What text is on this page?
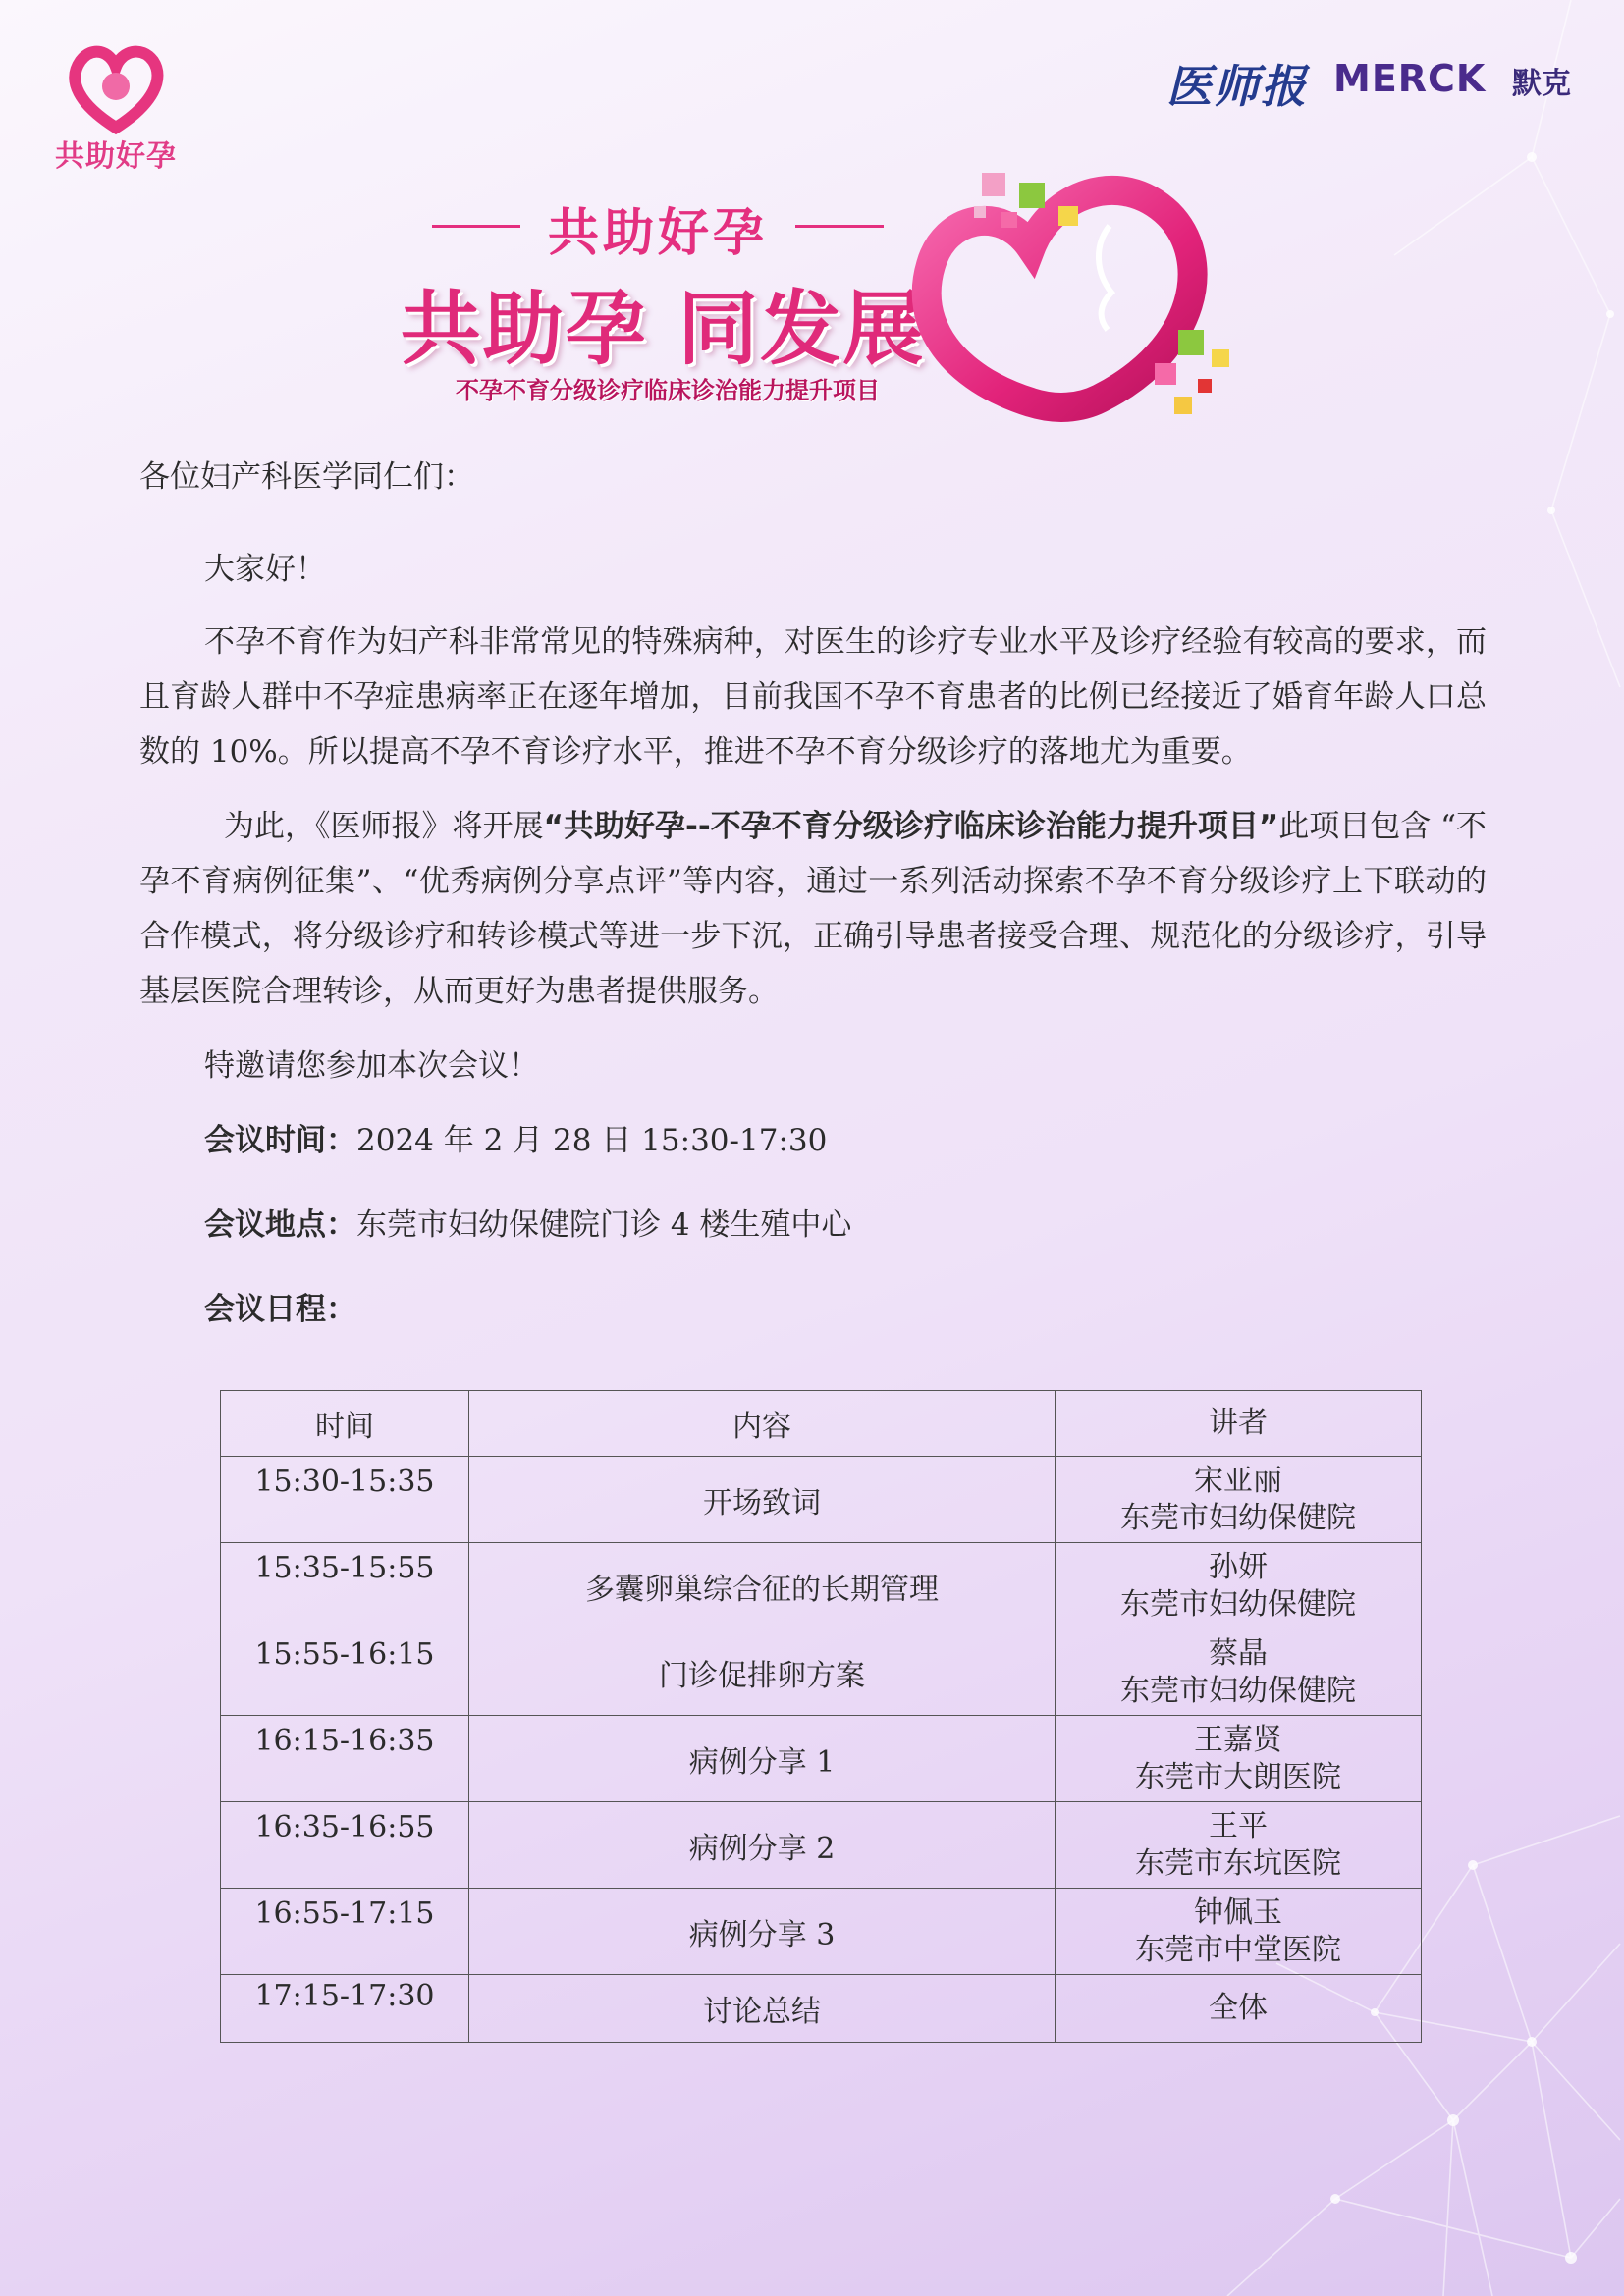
共助好孕
医师报 MERCK 默克
共助好孕
共助孕 同发展
不孕不育分级诊疗临床诊治能力提升项目
各位妇产科医学同仁们：
大家好！
不孕不育作为妇产科非常常见的特殊病种，对医生的诊疗专业水平及诊疗经验有较高的要求，而且育龄人群中不孕症患病率正在逐年增加，目前我国不孕不育患者的比例已经接近了婚育年龄人口总数的 10%。所以提高不孕不育诊疗水平，推进不孕不育分级诊疗的落地尤为重要。
为此，《医师报》将开展“共助好孕--不孕不育分级诊疗临床诊治能力提升项目”此项目包含 “不孕不育病例征集”、“优秀病例分享点评”等内容，通过一系列活动探索不孕不育分级诊疗上下联动的合作模式，将分级诊疗和转诊模式等进一步下沉，正确引导患者接受合理、规范化的分级诊疗，引导基层医院合理转诊，从而更好为患者提供服务。
特邀请您参加本次会议！
会议时间：2024 年 2 月 28 日 15:30-17:30
会议地点：东莞市妇幼保健院门诊 4 楼生殖中心
会议日程：
时间	内容	讲者
15:30-15:35	开场致词	宋亚丽
东莞市妇幼保健院

15:35-15:55	多囊卵巢综合征的长期管理	孙妍
东莞市妇幼保健院

15:55-16:15	门诊促排卵方案	蔡晶
东莞市妇幼保健院

16:15-16:35	病例分享 1	王嘉贤
东莞市大朗医院

16:35-16:55	病例分享 2	王平
东莞市东坑医院

16:55-17:15	病例分享 3	钟佩玉
东莞市中堂医院

17:15-17:30	讨论总结	全体
